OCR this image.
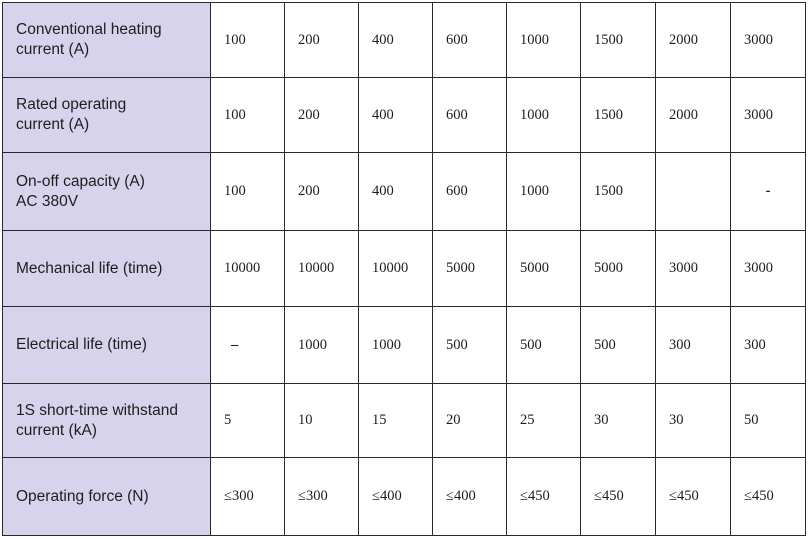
Conventional heating
current (A)	100	200	400	600	1000	1500	2000	3000

Rated operating
current (A)	100	200	400	600	1000	1500	2000	3000

On-off capacity (A)
AC 380V	100	200	400	600	1000	1500		-

Mechanical life (time)	10000	10000	10000	5000	5000	5000	3000	3000

Electrical life (time)	–	1000	1000	500	500	500	300	300

1S short-time withstand
current (kA)	5	10	15	20	25	30	30	50

Operating force (N)	≤300	≤300	≤400	≤400	≤450	≤450	≤450	≤450
